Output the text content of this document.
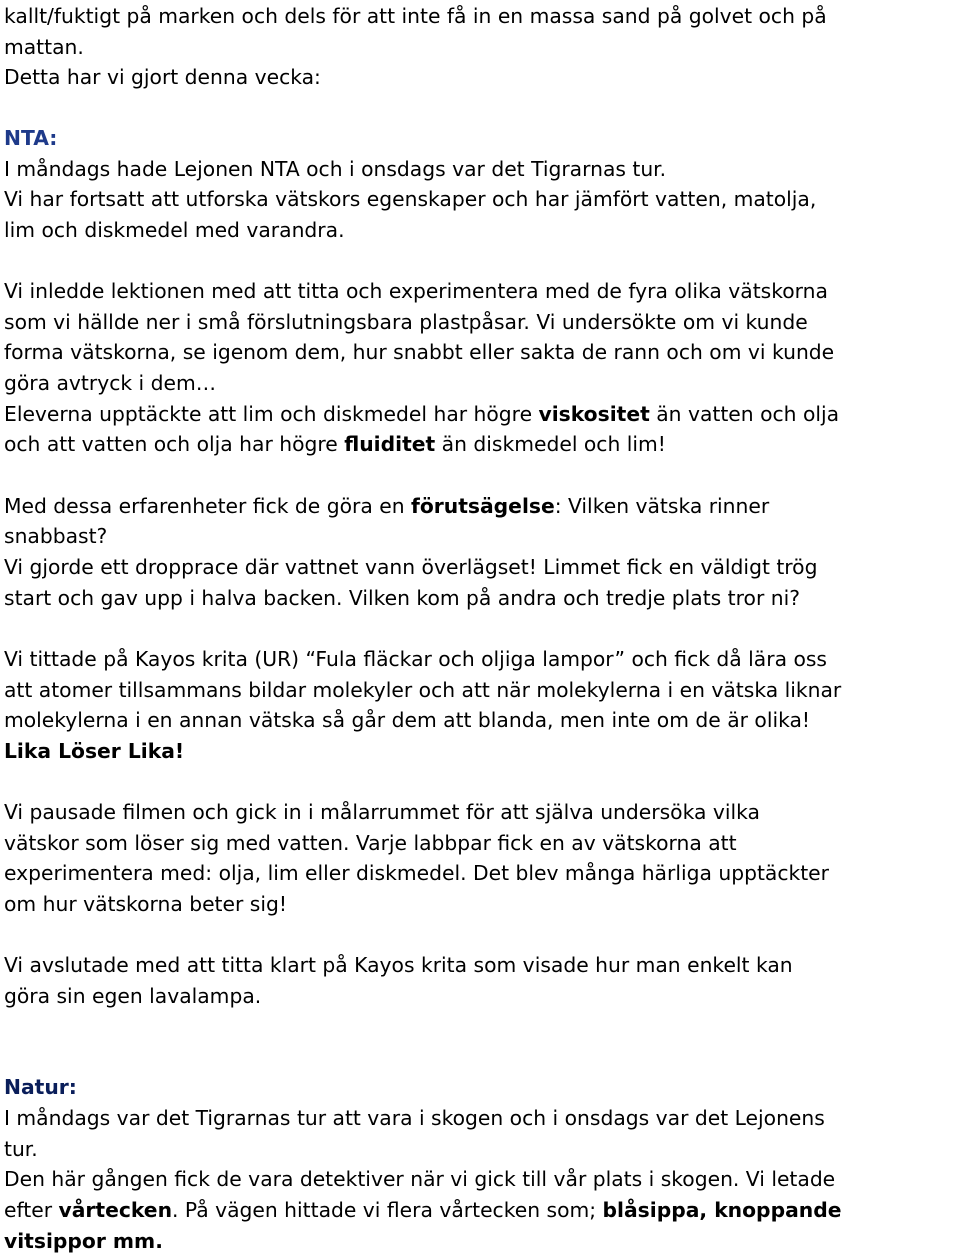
kallt/fuktigt på marken och dels för att inte få in en massa sand på golvet och på
mattan.
Detta har vi gjort denna vecka:
NTA:
I måndags hade Lejonen NTA och i onsdags var det Tigrarnas tur.
Vi har fortsatt att utforska vätskors egenskaper och har jämfört vatten, matolja,
lim och diskmedel med varandra.
Vi inledde lektionen med att titta och experimentera med de fyra olika vätskorna
som vi hällde ner i små förslutningsbara plastpåsar. Vi undersökte om vi kunde
forma vätskorna, se igenom dem, hur snabbt eller sakta de rann och om vi kunde
göra avtryck i dem…
Eleverna upptäckte att lim och diskmedel har högre viskositet än vatten och olja
och att vatten och olja har högre fluiditet än diskmedel och lim!
Med dessa erfarenheter fick de göra en förutsägelse: Vilken vätska rinner
snabbast?
Vi gjorde ett dropprace där vattnet vann överlägset! Limmet fick en väldigt trög
start och gav upp i halva backen. Vilken kom på andra och tredje plats tror ni?
Vi tittade på Kayos krita (UR) “Fula fläckar och oljiga lampor” och fick då lära oss
att atomer tillsammans bildar molekyler och att när molekylerna i en vätska liknar
molekylerna i en annan vätska så går dem att blanda, men inte om de är olika!
Lika Löser Lika!
Vi pausade filmen och gick in i målarrummet för att själva undersöka vilka
vätskor som löser sig med vatten. Varje labbpar fick en av vätskorna att
experimentera med: olja, lim eller diskmedel. Det blev många härliga upptäckter
om hur vätskorna beter sig!
Vi avslutade med att titta klart på Kayos krita som visade hur man enkelt kan
göra sin egen lavalampa.
Natur:
I måndags var det Tigrarnas tur att vara i skogen och i onsdags var det Lejonens
tur.
Den här gången fick de vara detektiver när vi gick till vår plats i skogen. Vi letade
efter vårtecken. På vägen hittade vi flera vårtecken som; blåsippa, knoppande
vitsippor mm.
